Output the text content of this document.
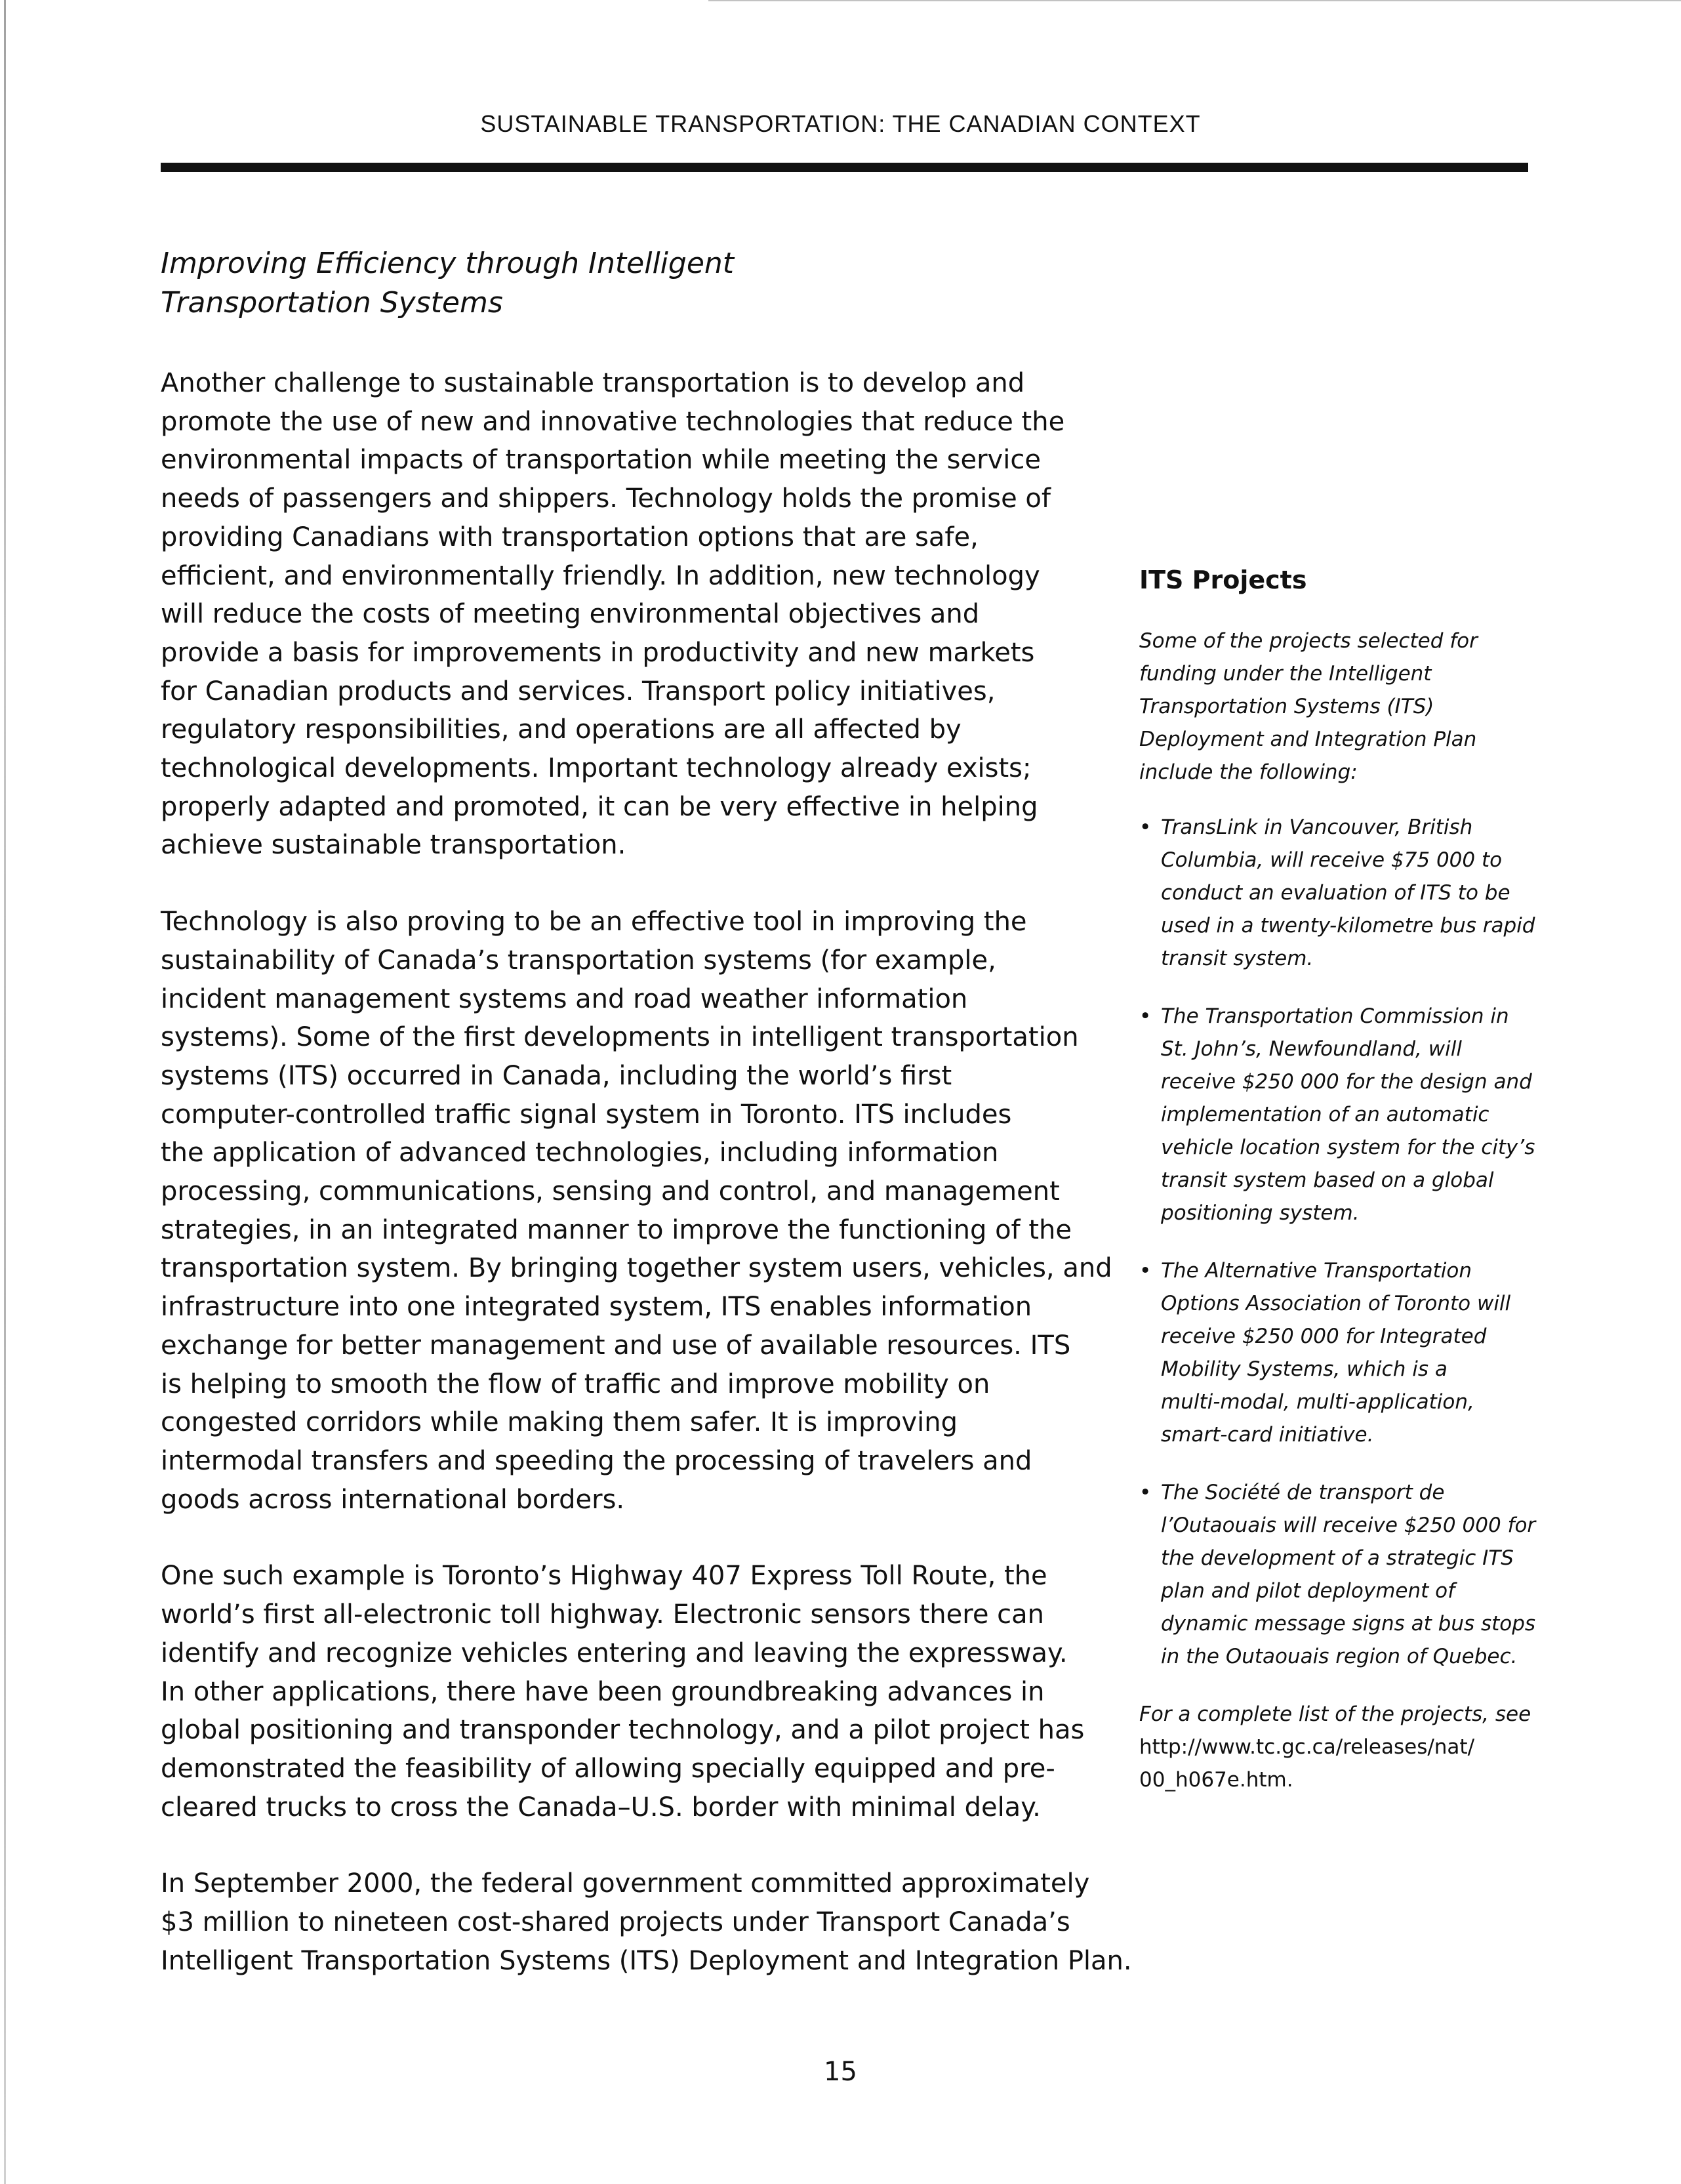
SUSTAINABLE TRANSPORTATION: THE CANADIAN CONTEXT
Improving Efficiency through Intelligent
Transportation Systems

Another challenge to sustainable transportation is to develop and
promote the use of new and innovative technologies that reduce the
environmental impacts of transportation while meeting the service
needs of passengers and shippers. Technology holds the promise of
providing Canadians with transportation options that are safe,
efficient, and environmentally friendly. In addition, new technology
will reduce the costs of meeting environmental objectives and
provide a basis for improvements in productivity and new markets
for Canadian products and services. Transport policy initiatives,
regulatory responsibilities, and operations are all affected by
technological developments. Important technology already exists;
properly adapted and promoted, it can be very effective in helping
achieve sustainable transportation.

Technology is also proving to be an effective tool in improving the
sustainability of Canada’s transportation systems (for example,
incident management systems and road weather information
systems). Some of the first developments in intelligent transportation
systems (ITS) occurred in Canada, including the world’s first
computer-controlled traffic signal system in Toronto. ITS includes
the application of advanced technologies, including information
processing, communications, sensing and control, and management
strategies, in an integrated manner to improve the functioning of the
transportation system. By bringing together system users, vehicles, and
infrastructure into one integrated system, ITS enables information
exchange for better management and use of available resources. ITS
is helping to smooth the flow of traffic and improve mobility on
congested corridors while making them safer. It is improving
intermodal transfers and speeding the processing of travelers and
goods across international borders.

One such example is Toronto’s Highway 407 Express Toll Route, the
world’s first all-electronic toll highway. Electronic sensors there can
identify and recognize vehicles entering and leaving the expressway.
In other applications, there have been groundbreaking advances in
global positioning and transponder technology, and a pilot project has
demonstrated the feasibility of allowing specially equipped and pre-
cleared trucks to cross the Canada–U.S. border with minimal delay.

In September 2000, the federal government committed approximately
$3 million to nineteen cost-shared projects under Transport Canada’s
Intelligent Transportation Systems (ITS) Deployment and Integration Plan.

ITS Projects
Some of the projects selected for
funding under the Intelligent
Transportation Systems (ITS)
Deployment and Integration Plan
include the following:
• TransLink in Vancouver, British
Columbia, will receive $75 000 to
conduct an evaluation of ITS to be
used in a twenty-kilometre bus rapid
transit system.
• The Transportation Commission in
St. John’s, Newfoundland, will
receive $250 000 for the design and
implementation of an automatic
vehicle location system for the city’s
transit system based on a global
positioning system.
• The Alternative Transportation
Options Association of Toronto will
receive $250 000 for Integrated
Mobility Systems, which is a
multi-modal, multi-application,
smart-card initiative.
• The Société de transport de
l’Outaouais will receive $250 000 for
the development of a strategic ITS
plan and pilot deployment of
dynamic message signs at bus stops
in the Outaouais region of Quebec.
For a complete list of the projects, see
http://www.tc.gc.ca/releases/nat/
00_h067e.htm.
15
